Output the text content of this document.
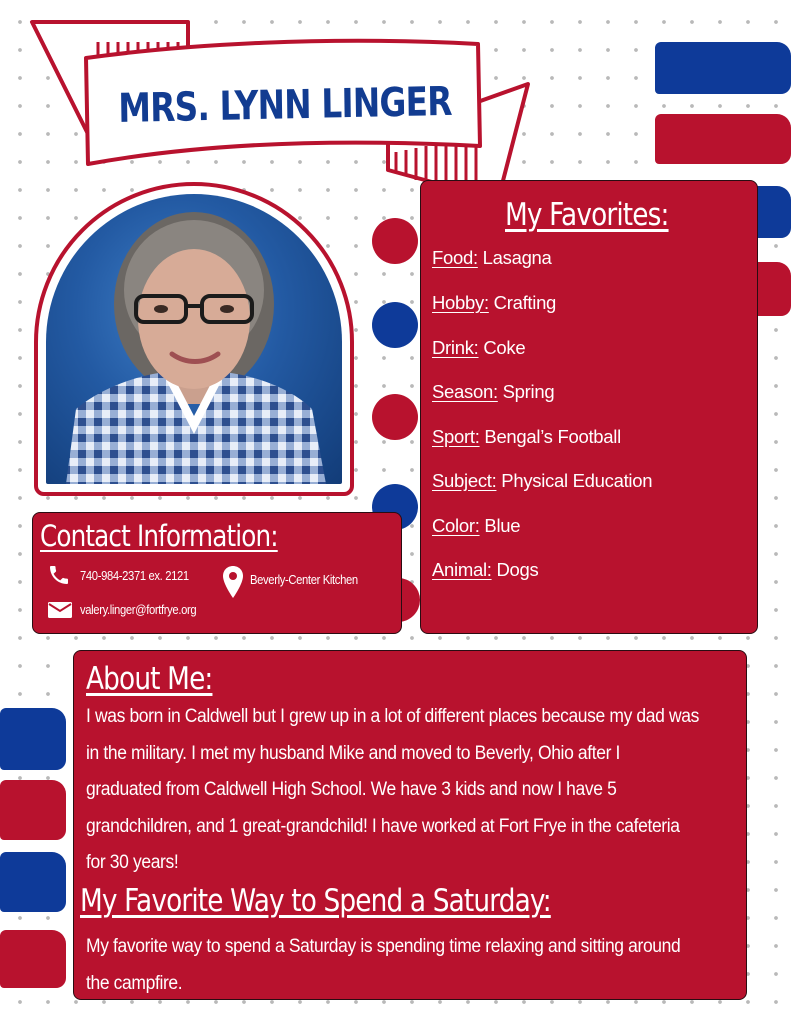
MRS. LYNN LINGER
My Favorites:
Food: Lasagna
Hobby: Crafting
Drink: Coke
Season: Spring
Sport: Bengal’s Football
Subject: Physical Education
Color: Blue
Animal: Dogs
Contact Information:
740-984-2371 ex. 2121
valery.linger@fortfrye.org
Beverly-Center Kitchen
About Me:
I was born in Caldwell but I grew up in a lot of different places because my dad was
in the military. I met my husband Mike and moved to Beverly, Ohio after I
graduated from Caldwell High School. We have 3 kids and now I have 5
grandchildren, and 1 great-grandchild! I have worked at Fort Frye in the cafeteria
for 30 years!
My Favorite Way to Spend a Saturday:
My favorite way to spend a Saturday is spending time relaxing and sitting around
the campfire.
